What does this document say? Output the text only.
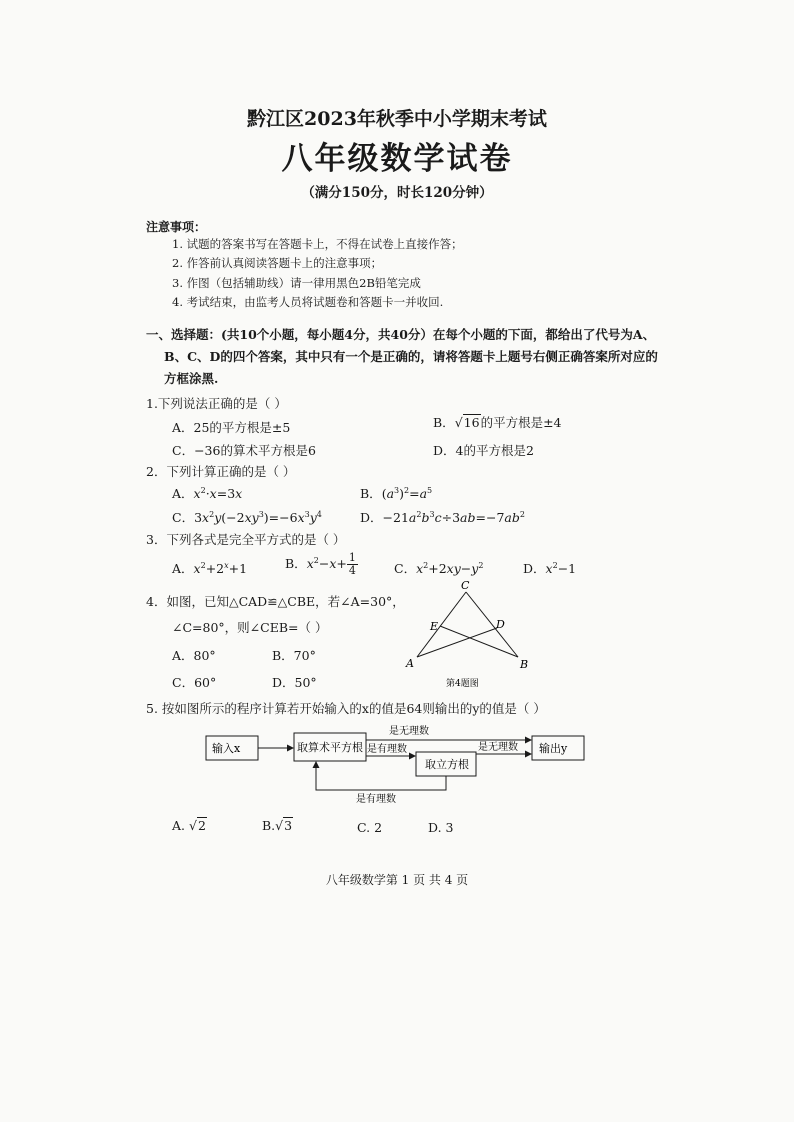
黔江区2023年秋季中小学期末考试
八年级数学试卷
（满分150分，时长120分钟）
注意事项：
1. 试题的答案书写在答题卡上，不得在试卷上直接作答；
2. 作答前认真阅读答题卡上的注意事项；
3. 作图（包括辅助线）请一律用黑色2B铅笔完成
4. 考试结束，由监考人员将试题卷和答题卡一并收回.
一、选择题：(共10个小题，每小题4分，共40分）在每个小题的下面，都给出了代号为A、
B、C、D的四个答案，其中只有一个是正确的，请将答题卡上题号右侧正确答案所对应的
方框涂黑.
1.下列说法正确的是（ ）
A．25的平方根是±5	B．√16的平方根是±4
C．−36的算术平方根是6	D．4的平方根是2
2．下列计算正确的是（ ）
A．$x^2\cdot x=3x$	B．$(a^3)^2=a^5$
C．$3x^2y(-2xy^3)=-6x^3y^4$	D．$-21a^2b^3c\div 3ab=-7ab^2$
3．下列各式是完全平方式的是（ ）
A．$x^2+2^x+1$	B．$x^2-x+ \frac{1}{4}$	C．$x^2+2xy-y^2$	D．$x^2-1$
4．如图，已知△CAD≌△CBE，若∠A=30°，
∠C=80°，则∠CEB=（ ）
A．80°	B．70°
C．60°	D．50°
C
E	D
A	B
第4题图
5. 按如图所示的程序计算若开始输入的x的值是64则输出的y的值是（ ）
输入x	取算术平方根
取立方根
输出y
是无理数
是有理数	是无理数
是有理数
A. √2	B.√3	C. 2	D. 3
八年级数学第 1 页 共 4 页
